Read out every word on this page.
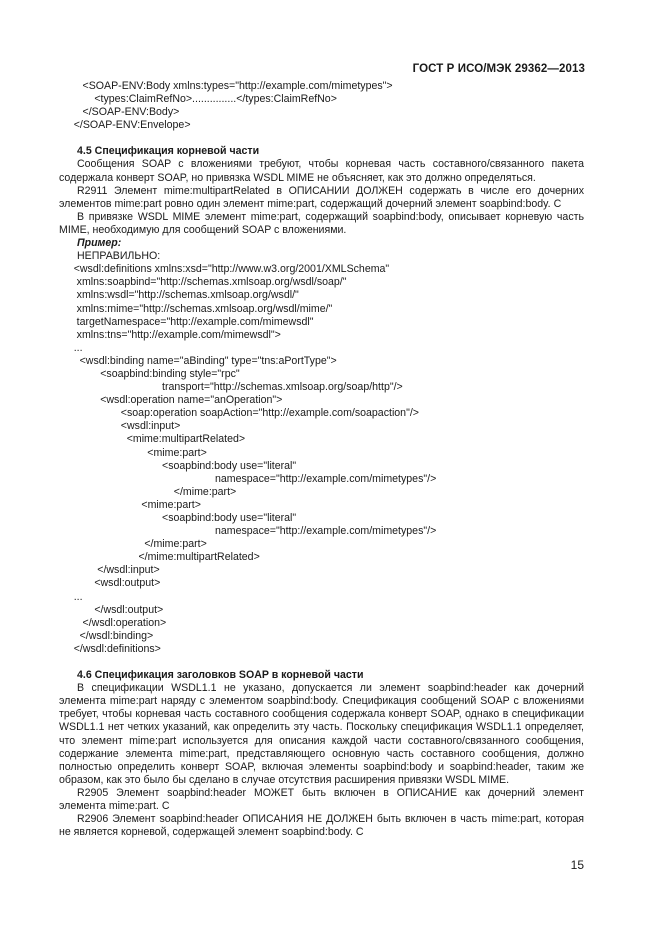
ГОСТ Р ИСО/МЭК 29362—2013
<SOAP-ENV:Body xmlns:types="http://example.com/mimetypes">
<types:ClaimRefNo>...............</types:ClaimRefNo>
</SOAP-ENV:Body>
</SOAP-ENV:Envelope>
4.5 Спецификация корневой части
Сообщения SOAP с вложениями требуют, чтобы корневая часть составного/связанного пакета содержала конверт SOAP, но привязка WSDL MIME не объясняет, как это должно определяться.
R2911 Элемент mime:multipartRelated в ОПИСАНИИ ДОЛЖЕН содержать в числе его дочерних элементов mime:part ровно один элемент mime:part, содержащий дочерний элемент soapbind:body. C
В привязке WSDL MIME элемент mime:part, содержащий soapbind:body, описывает корневую часть MIME, необходимую для сообщений SOAP с вложениями.
Пример:
НЕПРАВИЛЬНО:
<wsdl:definitions xmlns:xsd="http://www.w3.org/2001/XMLSchema"
xmlns:soapbind="http://schemas.xmlsoap.org/wsdl/soap/"
xmlns:wsdl="http://schemas.xmlsoap.org/wsdl/"
xmlns:mime="http://schemas.xmlsoap.org/wsdl/mime/"
targetNamespace="http://example.com/mimewsdl"
xmlns:tns="http://example.com/mimewsdl">
...
<wsdl:binding name="aBinding" type="tns:aPortType">
<soapbind:binding style="rpc"
transport="http://schemas.xmlsoap.org/soap/http"/>
<wsdl:operation name="anOperation">
<soap:operation soapAction="http://example.com/soapaction"/>
<wsdl:input>
<mime:multipartRelated>
<mime:part>
<soapbind:body use="literal"
namespace="http://example.com/mimetypes"/>
</mime:part>
<mime:part>
<soapbind:body use="literal"
namespace="http://example.com/mimetypes"/>
</mime:part>
</mime:multipartRelated>
</wsdl:input>
<wsdl:output>
...
</wsdl:output>
</wsdl:operation>
</wsdl:binding>
</wsdl:definitions>
4.6 Спецификация заголовков SOAP в корневой части
В спецификации WSDL1.1 не указано, допускается ли элемент soapbind:header как дочерний элемента mime:part наряду с элементом soapbind:body. Спецификация сообщений SOAP с вложениями требует, чтобы корневая часть составного сообщения содержала конверт SOAP, однако в спецификации WSDL1.1 нет четких указаний, как определить эту часть. Поскольку спецификация WSDL1.1 определяет, что элемент mime:part используется для описания каждой части составного/связанного сообщения, содержание элемента mime:part, представляющего основную часть составного сообщения, должно полностью определить конверт SOAP, включая элементы soapbind:body и soapbind:header, таким же образом, как это было бы сделано в случае отсутствия расширения привязки WSDL MIME.
R2905 Элемент soapbind:header МОЖЕТ быть включен в ОПИСАНИЕ как дочерний элемент элемента mime:part. C
R2906 Элемент soapbind:header ОПИСАНИЯ НЕ ДОЛЖЕН быть включен в часть mime:part, которая не является корневой, содержащей элемент soapbind:body. C
15
